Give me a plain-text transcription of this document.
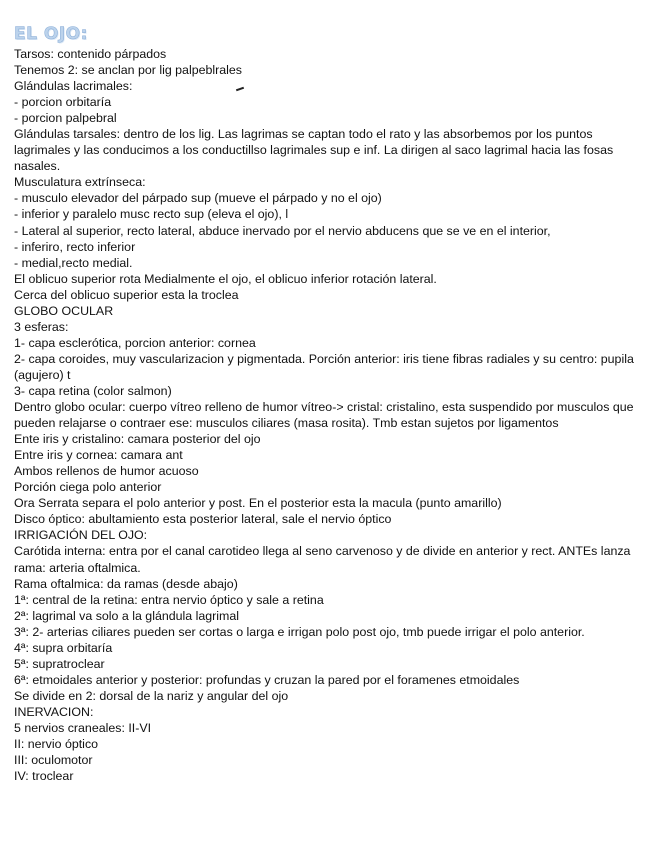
EL OJO:

Tarsos: contenido párpados

Tenemos 2: se anclan por lig palpeblrales

Glándulas lacrimales:

- porcion orbitaría

- porcion palpebral

Glándulas tarsales: dentro de los lig. Las lagrimas se captan todo el rato y las absorbemos por los puntos lagrimales y las conducimos a los conductillso lagrimales sup e inf. La dirigen al saco lagrimal hacia las fosas nasales.

Musculatura extrínseca:

- musculo elevador del párpado sup (mueve el párpado y no el ojo)

- inferior y paralelo musc recto sup (eleva el ojo), l

- Lateral al superior, recto lateral, abduce inervado por el nervio abducens que se ve en el interior,

- inferiro, recto inferior

- medial,recto medial.

El oblicuo superior rota Medialmente el ojo, el oblicuo inferior rotación lateral.

Cerca del oblicuo superior esta la troclea

GLOBO OCULAR

3 esferas:

1- capa esclerótica, porcion anterior: cornea

2- capa coroides, muy vascularizacion y pigmentada. Porción anterior: iris tiene fibras radiales y su centro: pupila (agujero) t

3- capa retina (color salmon)

Dentro globo ocular: cuerpo vítreo relleno de humor vítreo-> cristal: cristalino, esta suspendido por musculos que pueden relajarse o contraer ese: musculos ciliares (masa rosita). Tmb estan sujetos por ligamentos

Ente iris y cristalino: camara posterior del ojo

Entre iris y cornea: camara ant

Ambos rellenos de humor acuoso

Porción ciega polo anterior

Ora Serrata separa el polo anterior y post. En el posterior esta la macula (punto amarillo)

Disco óptico: abultamiento esta posterior lateral, sale el nervio óptico

IRRIGACIÓN DEL OJO:

Carótida interna: entra por el canal carotideo llega al seno carvenoso y de divide en anterior y rect. ANTEs lanza rama: arteria oftalmica.

Rama oftalmica: da ramas (desde abajo)

1ª: central de la retina: entra nervio óptico y sale a retina

2ª: lagrimal va solo a la glándula lagrimal

3ª: 2- arterias ciliares pueden ser cortas o larga e irrigan polo post ojo, tmb puede irrigar el polo anterior.

4ª: supra orbitaría

5ª: supratroclear

6ª: etmoidales anterior y posterior: profundas y cruzan la pared por el foramenes etmoidales

Se divide en 2: dorsal de la nariz y angular del ojo

INERVACION:

5 nervios craneales: II-VI

II: nervio óptico

III: oculomotor

IV: troclear
